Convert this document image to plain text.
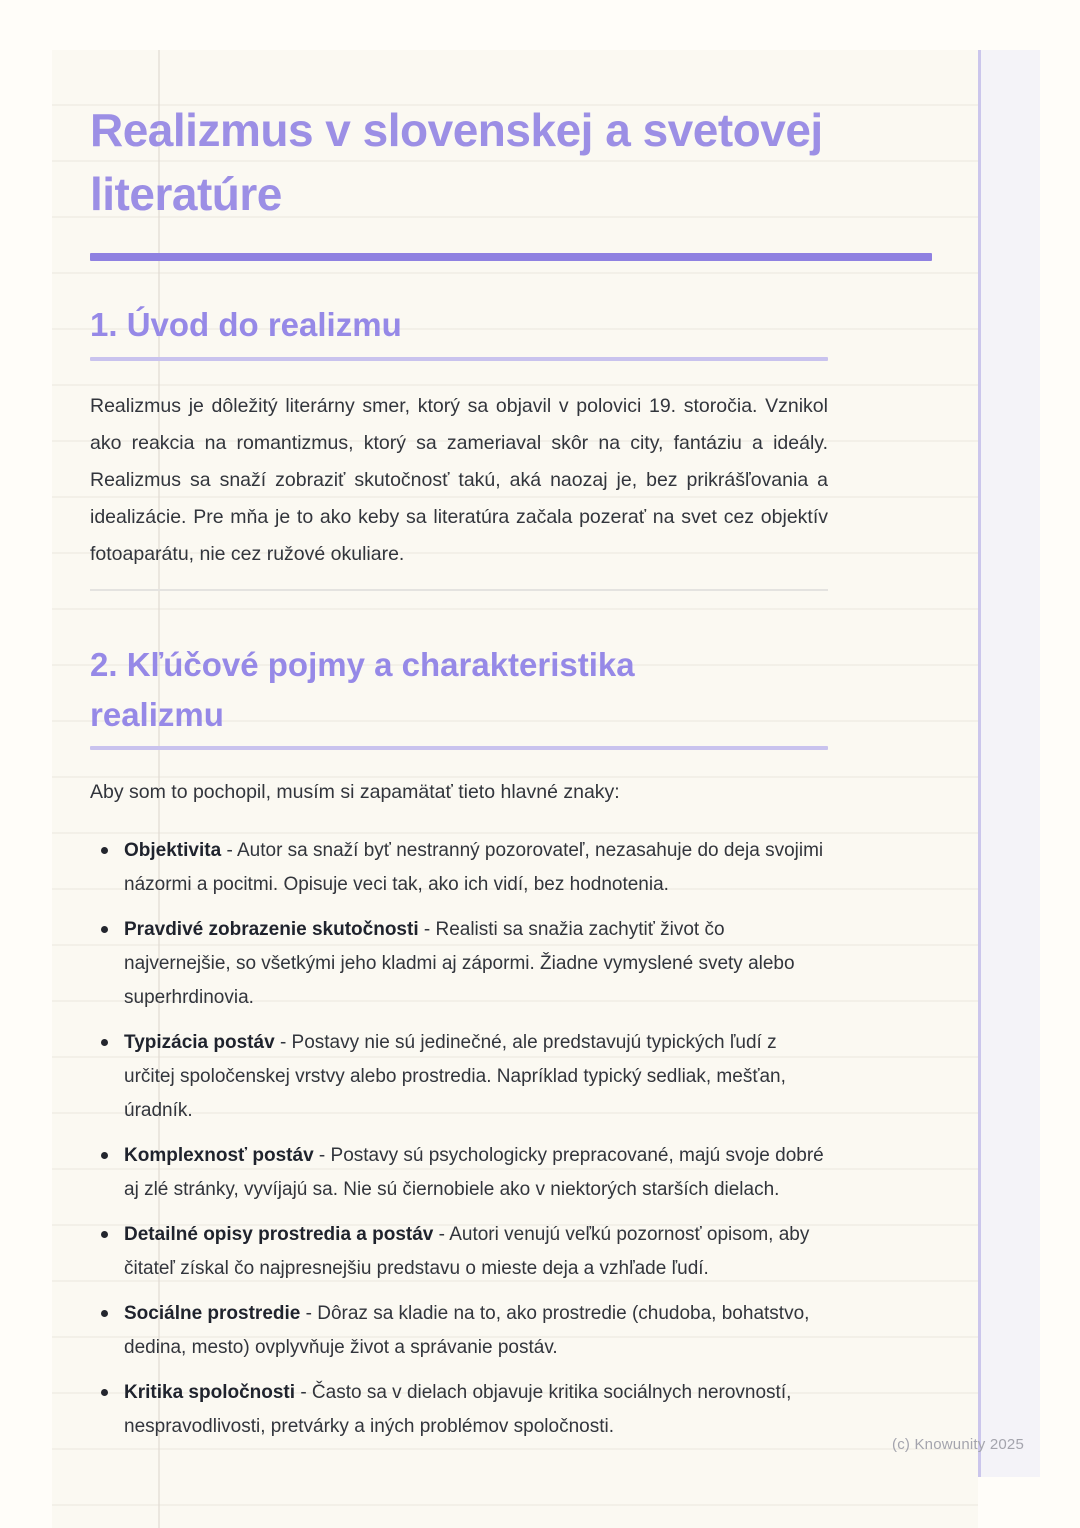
Realizmus v slovenskej a svetovej literatúre
1. Úvod do realizmu

Realizmus je dôležitý literárny smer, ktorý sa objavil v polovici 19. storočia. Vznikol ako reakcia na romantizmus, ktorý sa zameriaval skôr na city, fantáziu a ideály. Realizmus sa snaží zobraziť skutočnosť takú, aká naozaj je, bez prikrášľovania a idealizácie. Pre mňa je to ako keby sa literatúra začala pozerať na svet cez objektív fotoaparátu, nie cez ružové okuliare.

2. Kľúčové pojmy a charakteristika realizmu

Aby som to pochopil, musím si zapamätať tieto hlavné znaky:

Objektivita - Autor sa snaží byť nestranný pozorovateľ, nezasahuje do deja svojimi názormi a pocitmi. Opisuje veci tak, ako ich vidí, bez hodnotenia.
Pravdivé zobrazenie skutočnosti - Realisti sa snažia zachytiť život čo najvernejšie, so všetkými jeho kladmi aj zápormi. Žiadne vymyslené svety alebo superhrdinovia.
Typizácia postáv - Postavy nie sú jedinečné, ale predstavujú typických ľudí z určitej spoločenskej vrstvy alebo prostredia. Napríklad typický sedliak, mešťan, úradník.
Komplexnosť postáv - Postavy sú psychologicky prepracované, majú svoje dobré aj zlé stránky, vyvíjajú sa. Nie sú čiernobiele ako v niektorých starších dielach.
Detailné opisy prostredia a postáv - Autori venujú veľkú pozornosť opisom, aby čitateľ získal čo najpresnejšiu predstavu o mieste deja a vzhľade ľudí.
Sociálne prostredie - Dôraz sa kladie na to, ako prostredie (chudoba, bohatstvo, dedina, mesto) ovplyvňuje život a správanie postáv.
Kritika spoločnosti - Často sa v dielach objavuje kritika sociálnych nerovností, nespravodlivosti, pretvárky a iných problémov spoločnosti.
(c) Knowunity 2025
